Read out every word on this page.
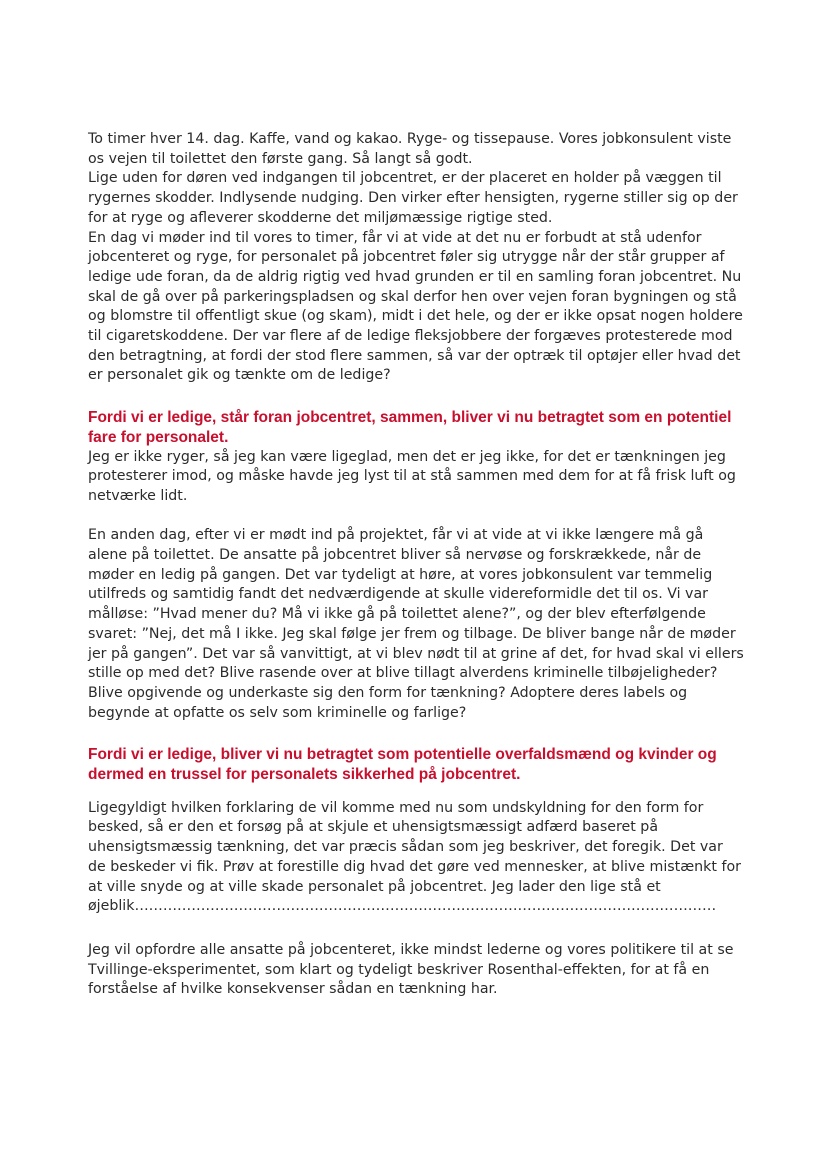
To timer hver 14. dag. Kaffe, vand og kakao. Ryge- og tissepause. Vores jobkonsulent viste os vejen til toilettet den første gang. Så langt så godt.

Lige uden for døren ved indgangen til jobcentret, er der placeret en holder på væggen til rygernes skodder. Indlysende nudging. Den virker efter hensigten, rygerne stiller sig op der for at ryge og afleverer skodderne det miljømæssige rigtige sted.

En dag vi møder ind til vores to timer, får vi at vide at det nu er forbudt at stå udenfor jobcenteret og ryge, for personalet på jobcentret føler sig utrygge når der står grupper af ledige ude foran, da de aldrig rigtig ved hvad grunden er til en samling foran jobcentret. Nu skal de gå over på parkeringspladsen og skal derfor hen over vejen foran bygningen og stå og blomstre til offentligt skue (og skam), midt i det hele, og der er ikke opsat nogen holdere til cigaretskoddene. Der var flere af de ledige fleksjobbere der forgæves protesterede mod den betragtning, at fordi der stod flere sammen, så var der optræk til optøjer eller hvad det er personalet gik og tænkte om de ledige?

Fordi vi er ledige, står foran jobcentret, sammen, bliver vi nu betragtet som en potentiel fare for personalet.

Jeg er ikke ryger, så jeg kan være ligeglad, men det er jeg ikke, for det er tænkningen jeg protesterer imod, og måske havde jeg lyst til at stå sammen med dem for at få frisk luft og netværke lidt.

En anden dag, efter vi er mødt ind på projektet, får vi at vide at vi ikke længere må gå alene på toilettet. De ansatte på jobcentret bliver så nervøse og forskrækkede, når de møder en ledig på gangen. Det var tydeligt at høre, at vores jobkonsulent var temmelig utilfreds og samtidig fandt det nedværdigende at skulle videreformidle det til os. Vi var målløse: ”Hvad mener du? Må vi ikke gå på toilettet alene?”, og der blev efterfølgende svaret: ”Nej, det må I ikke. Jeg skal følge jer frem og tilbage. De bliver bange når de møder jer på gangen”. Det var så vanvittigt, at vi blev nødt til at grine af det, for hvad skal vi ellers stille op med det? Blive rasende over at blive tillagt alverdens kriminelle tilbøjeligheder? Blive opgivende og underkaste sig den form for tænkning? Adoptere deres labels og begynde at opfatte os selv som kriminelle og farlige?

Fordi vi er ledige, bliver vi nu betragtet som potentielle overfaldsmænd og kvinder og dermed en trussel for personalets sikkerhed på jobcentret.

Ligegyldigt hvilken forklaring de vil komme med nu som undskyldning for den form for besked, så er den et forsøg på at skjule et uhensigtsmæssigt adfærd baseret på uhensigtsmæssig tænkning, det var præcis sådan som jeg beskriver, det foregik. Det var de beskeder vi fik. Prøv at forestille dig hvad det gøre ved mennesker, at blive mistænkt for at ville snyde og at ville skade personalet på jobcentret. Jeg lader den lige stå et øjeblik……………………………………………………………………………………………………………

Jeg vil opfordre alle ansatte på jobcenteret, ikke mindst lederne og vores politikere til at se Tvillinge-eksperimentet, som klart og tydeligt beskriver Rosenthal-effekten, for at få en forståelse af hvilke konsekvenser sådan en tænkning har.
